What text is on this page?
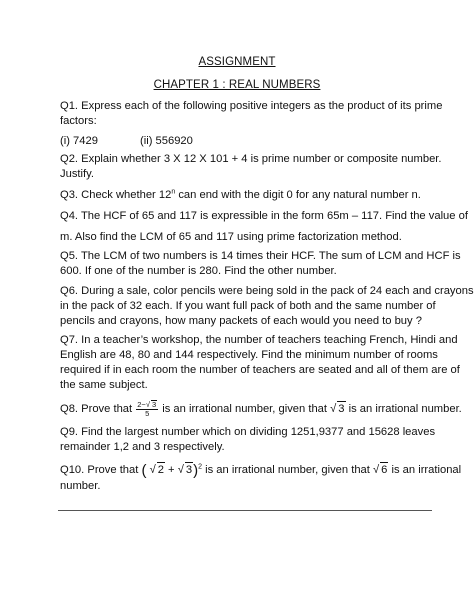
ASSIGNMENT
CHAPTER 1 : REAL NUMBERS
Q1. Express each of the following positive integers as the product of its prime
factors:
(i) 7429	(ii) 556920
Q2. Explain whether 3 X 12 X 101 + 4 is prime number or composite number.
Justify.
Q3. Check whether 12$^n$ can end with the digit 0 for any natural number n.
Q4. The HCF of 65 and 117 is expressible in the form 65m – 117. Find the value of
m. Also find the LCM of 65 and 117 using prime factorization method.
Q5. The LCM of two numbers is 14 times their HCF. The sum of LCM and HCF is
600. If one of the number is 280. Find the other number.
Q6. During a sale, color pencils were being sold in the pack of 24 each and crayons
in the pack of 32 each. If you want full pack of both and the same number of
pencils and crayons, how many packets of each would you need to buy ?
Q7. In a teacher’s workshop, the number of teachers teaching French, Hindi and
English are 48, 80 and 144 respectively. Find the minimum number of rooms
required if in each room the number of teachers are seated and all of them are of
the same subject.
Q8. Prove that $\frac{2-√ 3}{5}$ is an irrational number, given that √ 3 is an irrational number.
Q9. Find the largest number which on dividing 1251,9377 and 15628 leaves
remainder 1,2 and 3 respectively.
Q10. Prove that ( √ 2 + √ 3)$^2$ is an irrational number, given that √ 6 is an irrational
number.
